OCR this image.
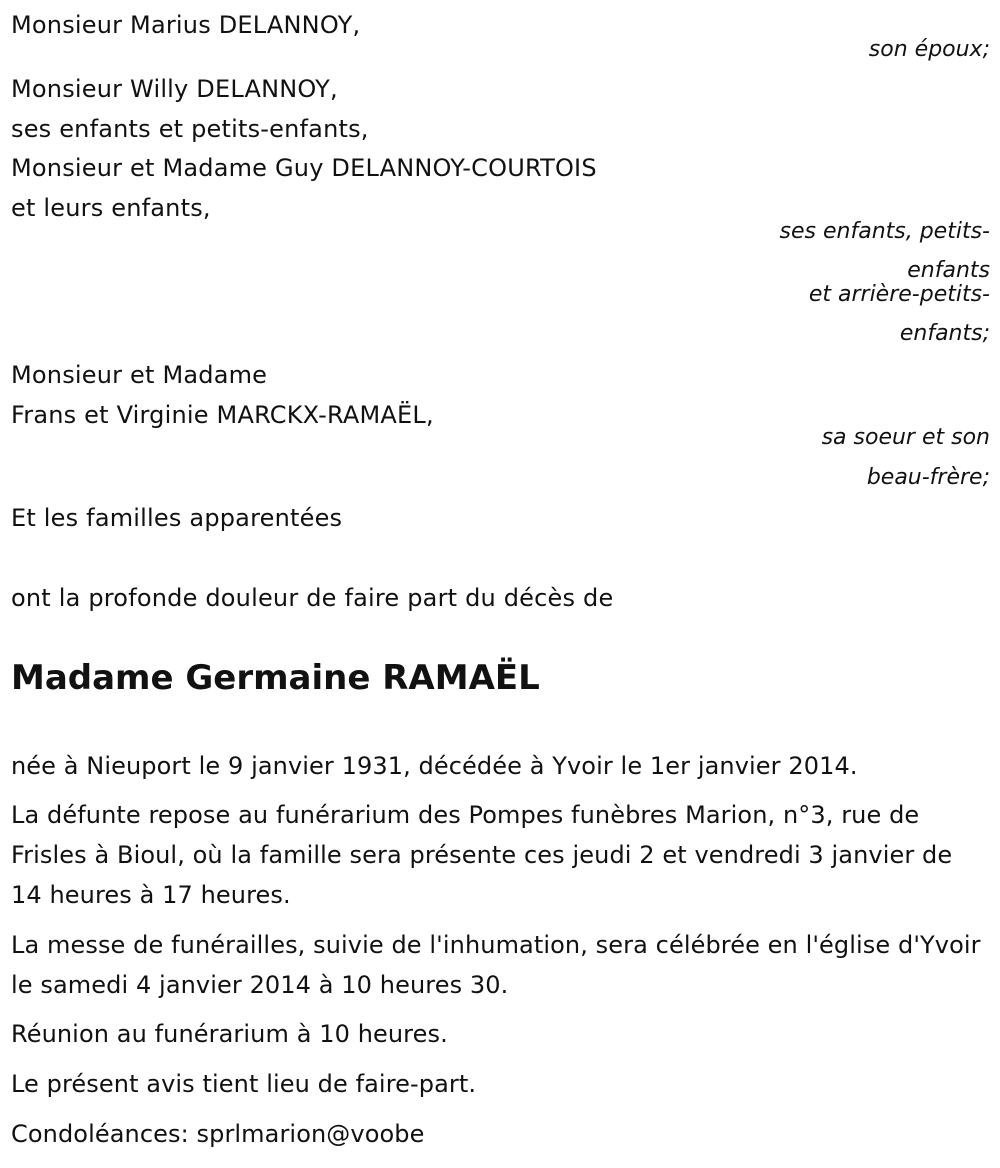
Monsieur Marius DELANNOY,
son époux;
Monsieur Willy DELANNOY,
ses enfants et petits-enfants,
Monsieur et Madame Guy DELANNOY-COURTOIS
et leurs enfants,
ses enfants, petits-
enfants
et arrière-petits-
enfants;
Monsieur et Madame
Frans et Virginie MARCKX-RAMAËL,
sa soeur et son
beau-frère;
Et les familles apparentées
ont la profonde douleur de faire part du décès de
Madame Germaine RAMAËL
née à Nieuport le 9 janvier 1931, décédée à Yvoir le 1er janvier 2014.
La défunte repose au funérarium des Pompes funèbres Marion, n°3, rue de Frisles à Bioul, où la famille sera présente ces jeudi 2 et vendredi 3 janvier de 14 heures à 17 heures.
La messe de funérailles, suivie de l'inhumation, sera célébrée en l'église d'Yvoir le samedi 4 janvier 2014 à 10 heures 30.
Réunion au funérarium à 10 heures.
Le présent avis tient lieu de faire-part.
Condoléances: sprlmarion@voobe
